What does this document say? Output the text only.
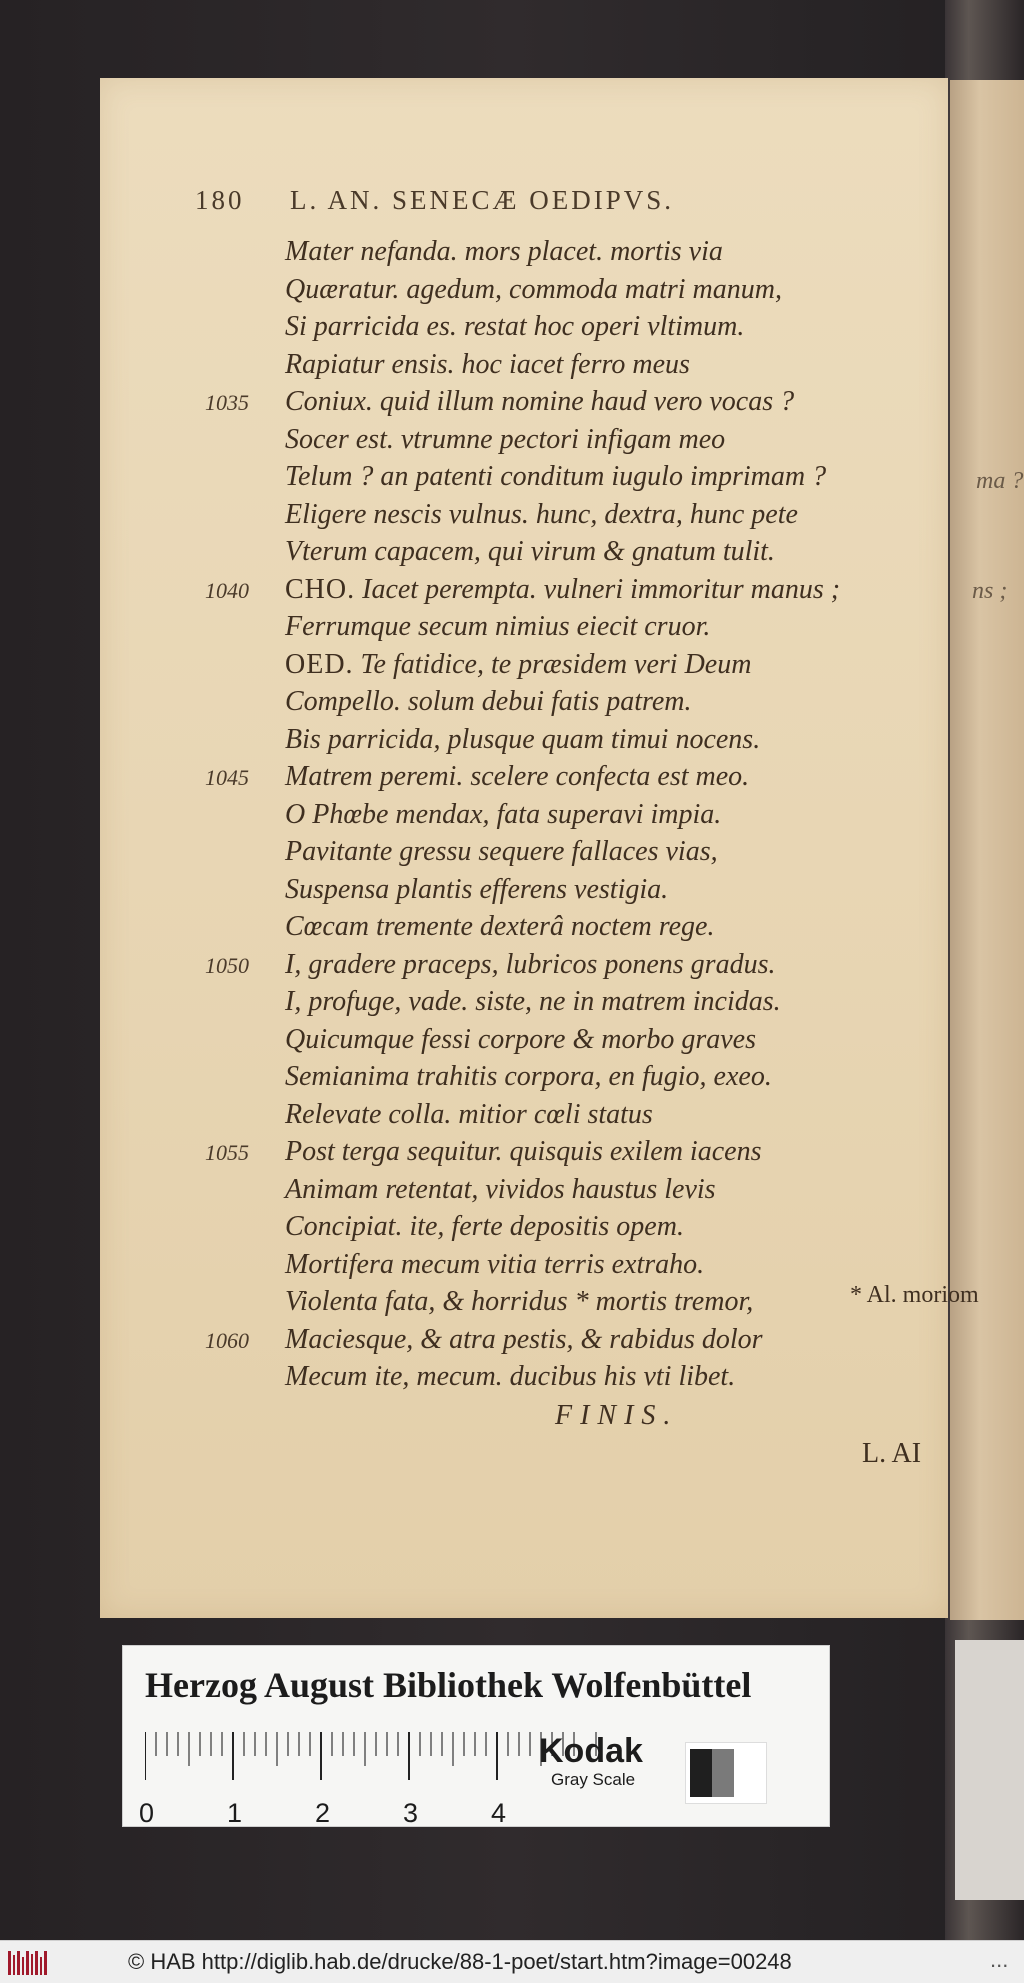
ma ?
ns ;
180 L. AN. SENECÆ OEDIPVS.
Mater nefanda. mors placet. mortis via
Quæratur. agedum, commoda matri manum,
Si parricida es. restat hoc operi vltimum.
Rapiatur ensis. hoc iacet ferro meus
1035 Coniux. quid illum nomine haud vero vocas ?
Socer est. vtrumne pectori infigam meo
Telum ? an patenti conditum iugulo imprimam ?
Eligere nescis vulnus. hunc, dextra, hunc pete
Vterum capacem, qui virum & gnatum tulit.
1040 CHO. Iacet perempta. vulneri immoritur manus ;
Ferrumque secum nimius eiecit cruor.
OED. Te fatidice, te præsidem veri Deum
Compello. solum debui fatis patrem.
Bis parricida, plusque quam timui nocens.
1045 Matrem peremi. scelere confecta est meo.
O Phœbe mendax, fata superavi impia.
Pavitante gressu sequere fallaces vias,
Suspensa plantis efferens vestigia.
Cœcam tremente dexterâ noctem rege.
1050 I, gradere praceps, lubricos ponens gradus.
I, profuge, vade. siste, ne in matrem incidas.
Quicumque fessi corpore & morbo graves
Semianima trahitis corpora, en fugio, exeo.
Relevate colla. mitior cœli status
1055 Post terga sequitur. quisquis exilem iacens
Animam retentat, vividos haustus levis
Concipiat. ite, ferte depositis opem.
Mortifera mecum vitia terris extraho.
Violenta fata, & horridus * mortis tremor,
1060 Maciesque, & atra pestis, & rabidus dolor
Mecum ite, mecum. ducibus his vti libet.
* Al. moriom
FINIS.
L. AI
Herzog August Bibliothek Wolfenbüttel
0	1	2	3	4
Kodak
Gray Scale
© HAB http://diglib.hab.de/drucke/88-1-poet/start.htm?image=00248	...
